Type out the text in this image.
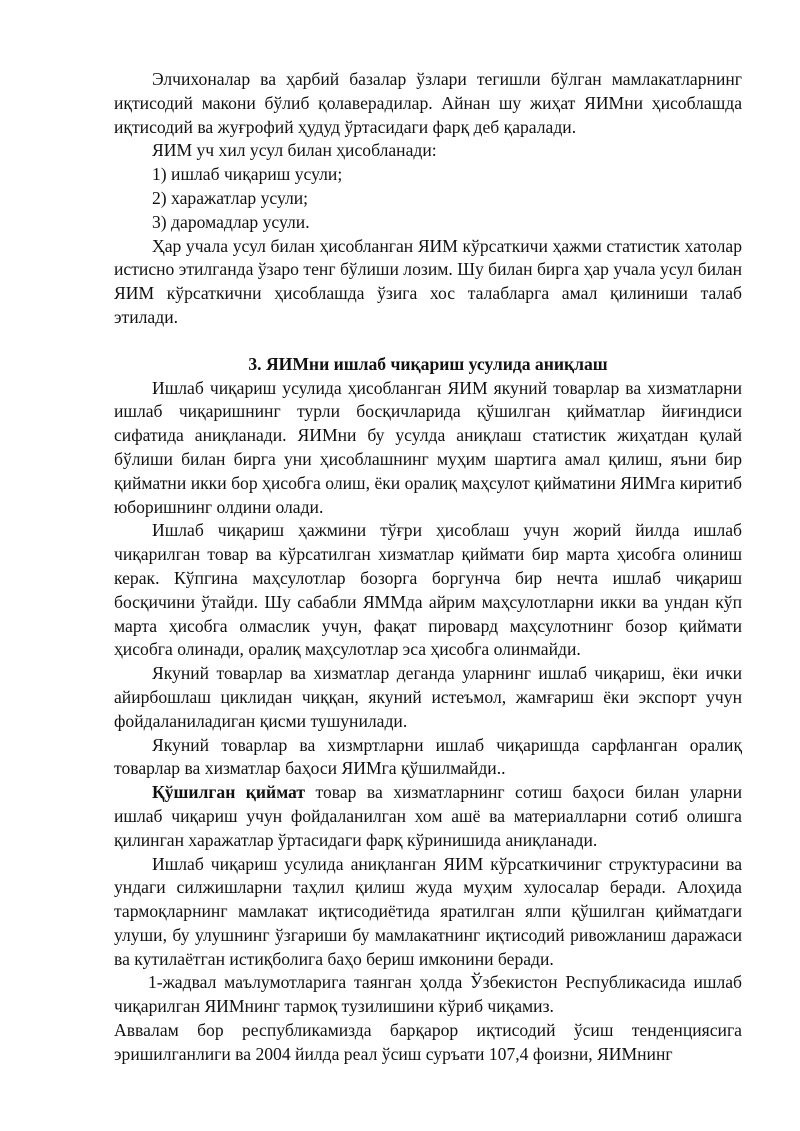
Элчихоналар ва ҳарбий базалар ўзлари тегишли бўлган мамлакатларнинг иқтисодий макони бўлиб қолаверадилар. Айнан шу жиҳат ЯИМни ҳисоблашда иқтисодий ва жуғрофий ҳудуд ўртасидаги фарқ деб қаралади.

ЯИМ уч хил усул билан ҳисобланади:

1) ишлаб чиқариш усули;

2) харажатлар усули;

3) даромадлар усули.

Ҳар учала усул билан ҳисобланган ЯИМ кўрсаткичи ҳажми статистик хатолар истисно этилганда ўзаро тенг бўлиши лозим. Шу билан бирга ҳар учала усул билан ЯИМ кўрсаткични ҳисоблашда ўзига хос талабларга амал қилиниши талаб этилади.

3. ЯИМни ишлаб чиқариш усулида аниқлаш

Ишлаб чиқариш усулида ҳисобланган ЯИМ якуний товарлар ва хизматларни ишлаб чиқаришнинг турли босқичларида қўшилган қийматлар йиғиндиси сифатида аниқланади. ЯИМни бу усулда аниқлаш статистик жиҳатдан қулай бўлиши билан бирга уни ҳисоблашнинг муҳим шартига амал қилиш, яъни бир қийматни икки бор ҳисобга олиш, ёки оралиқ маҳсулот қийматини ЯИМга киритиб юборишнинг олдини олади.

Ишлаб чиқариш ҳажмини тўғри ҳисоблаш учун жорий йилда ишлаб чиқарилган товар ва кўрсатилган хизматлар қиймати бир марта ҳисобга олиниш керак. Кўпгина маҳсулотлар бозорга боргунча бир нечта ишлаб чиқариш босқичини ўтайди. Шу сабабли ЯММда айрим маҳсулотларни икки ва ундан кўп марта ҳисобга олмаслик учун, фақат пировард маҳсулотнинг бозор қиймати ҳисобга олинади, оралиқ маҳсулотлар эса ҳисобга олинмайди.

Якуний товарлар ва хизматлар деганда уларнинг ишлаб чиқариш, ёки ички айирбошлаш циклидан чиққан, якуний истеъмол, жамғариш ёки экспорт учун фойдаланиладиган қисми тушунилади.

Якуний товарлар ва хизмртларни ишлаб чиқаришда сарфланган оралиқ товарлар ва хизматлар баҳоси ЯИМга қўшилмайди..

Қўшилган қиймат товар ва хизматларнинг сотиш баҳоси билан уларни ишлаб чиқариш учун фойдаланилган хом ашё ва материалларни сотиб олишга қилинган харажатлар ўртасидаги фарқ кўринишида аниқланади.

Ишлаб чиқариш усулида аниқланган ЯИМ кўрсаткичиниг структурасини ва ундаги силжишларни таҳлил қилиш жуда муҳим хулосалар беради. Алоҳида тармоқларнинг мамлакат иқтисодиётида яратилган ялпи қўшилган қийматдаги улуши, бу улушнинг ўзгариши бу мамлакатнинг иқтисодий ривожланиш даражаси ва кутилаётган истиқболига баҳо бериш имконини беради.

1-жадвал маълумотларига таянган ҳолда Ўзбекистон Республикасида ишлаб чиқарилган ЯИМнинг тармоқ тузилишини кўриб чиқамиз.

Аввалам бор республикамизда барқарор иқтисодий ўсиш тенденциясига эришилганлиги ва 2004 йилда реал ўсиш суръати 107,4 фоизни, ЯИМнинг
